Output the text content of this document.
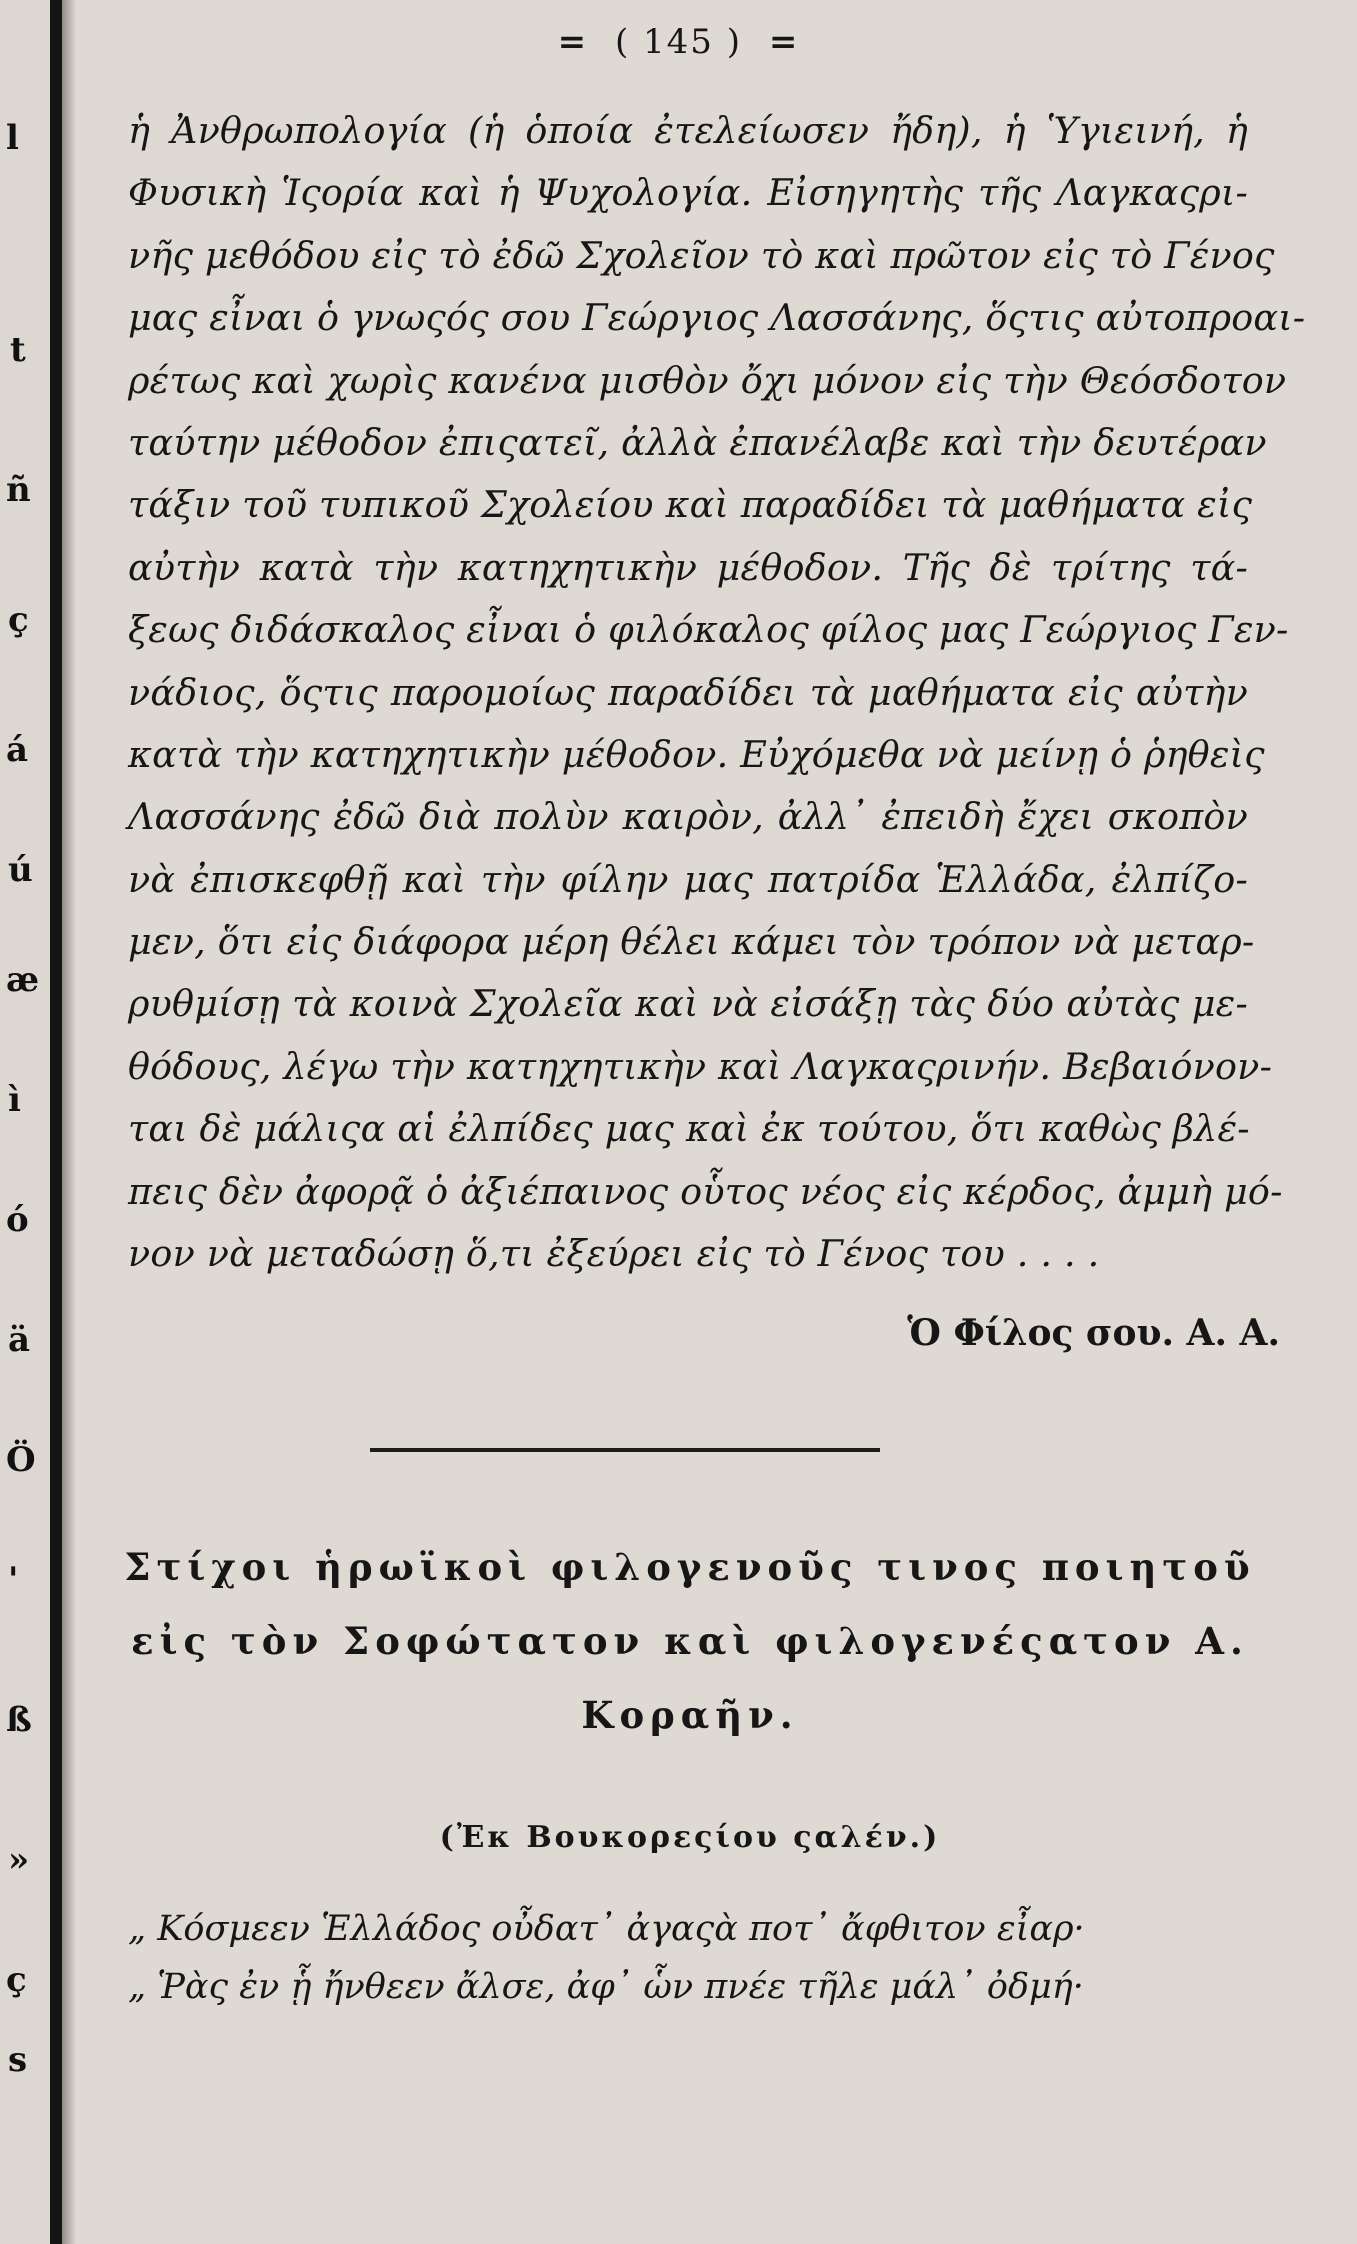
l
t
ñ
ç
á
ú
æ
ì
ó
ä
Ö
'
ß
»
ç
s
= ( 145 ) =
ἡ Ἀνθρωπολογία (ἡ ὁποία ἐτελείωσεν ἤδη), ἡ Ὑγιεινή, ἡ
Φυσικὴ Ἱςορία καὶ ἡ Ψυχολογία. Εἰσηγητὴς τῆς Λαγκαςρι-
νῆς μεθόδου εἰς τὸ ἐδῶ Σχολεῖον τὸ καὶ πρῶτον εἰς τὸ Γένος
μας εἶναι ὁ γνωςός σου Γεώργιος Λασσάνης, ὅςτις αὐτοπροαι-
ρέτως καὶ χωρὶς κανένα μισθὸν ὄχι μόνον εἰς τὴν Θεόσδοτον
ταύτην μέθοδον ἐπιςατεῖ, ἀλλὰ ἐπανέλαβε καὶ τὴν δευτέραν
τάξιν τοῦ τυπικοῦ Σχολείου καὶ παραδίδει τὰ μαθήματα εἰς
αὐτὴν κατὰ τὴν κατηχητικὴν μέθοδον. Τῆς δὲ τρίτης τά-
ξεως διδάσκαλος εἶναι ὁ φιλόκαλος φίλος μας Γεώργιος Γεν-
νάδιος, ὅςτις παρομοίως παραδίδει τὰ μαθήματα εἰς αὐτὴν
κατὰ τὴν κατηχητικὴν μέθοδον. Εὐχόμεθα νὰ μείνῃ ὁ ῥηθεὶς
Λασσάνης ἐδῶ διὰ πολὺν καιρὸν, ἀλλ᾽ ἐπειδὴ ἔχει σκοπὸν
νὰ ἐπισκεφθῇ καὶ τὴν φίλην μας πατρίδα Ἑλλάδα, ἐλπίζο-
μεν, ὅτι εἰς διάφορα μέρη θέλει κάμει τὸν τρόπον νὰ μεταρ-
ρυθμίσῃ τὰ κοινὰ Σχολεῖα καὶ νὰ εἰσάξῃ τὰς δύο αὐτὰς με-
θόδους, λέγω τὴν κατηχητικὴν καὶ Λαγκαςρινήν. Βεβαιόνον-
ται δὲ μάλιςα αἱ ἐλπίδες μας καὶ ἐκ τούτου, ὅτι καθὼς βλέ-
πεις δὲν ἀφορᾷ ὁ ἀξιέπαινος οὗτος νέος εἰς κέρδος, ἀμμὴ μό-
νον νὰ μεταδώσῃ ὅ,τι ἐξεύρει εἰς τὸ Γένος του . . . .
Ὁ Φίλος σου. Α. Α.
Στίχοι ἡρωϊκοὶ φιλογενοῦς τινος ποιητοῦ
εἰς τὸν Σοφώτατον καὶ φιλογενέςατον Α.
Κοραῆν.
(Ἐκ Βουκορεςίου ςαλέν.)
„ Κόσμεεν Ἑλλάδος οὖδατ᾽ ἀγαςὰ ποτ᾽ ἄφθιτον εἶαρ·
„ Ῥὰς ἐν ᾗ ἤνθεεν ἄλσε, ἀφ᾽ ὧν πνέε τῆλε μάλ᾽ ὀδμή·
